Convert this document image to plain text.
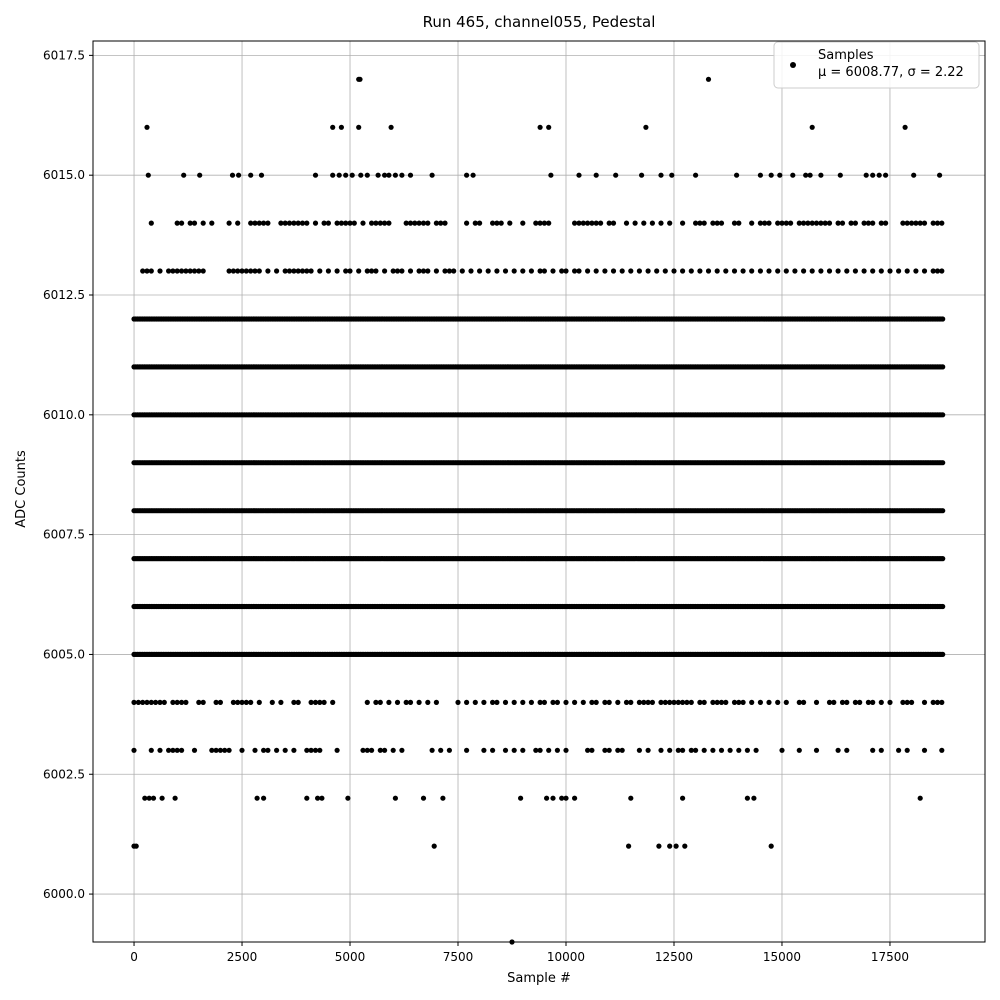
0	2500	5000	7500	10000	12500	15000	17500
6000.0
6002.5
6005.0
6007.5
6010.0
6012.5
6015.0
6017.5
Run 465, channel055, Pedestal
Sample #
ADC Counts
Samples
μ = 6008.77, σ = 2.22
